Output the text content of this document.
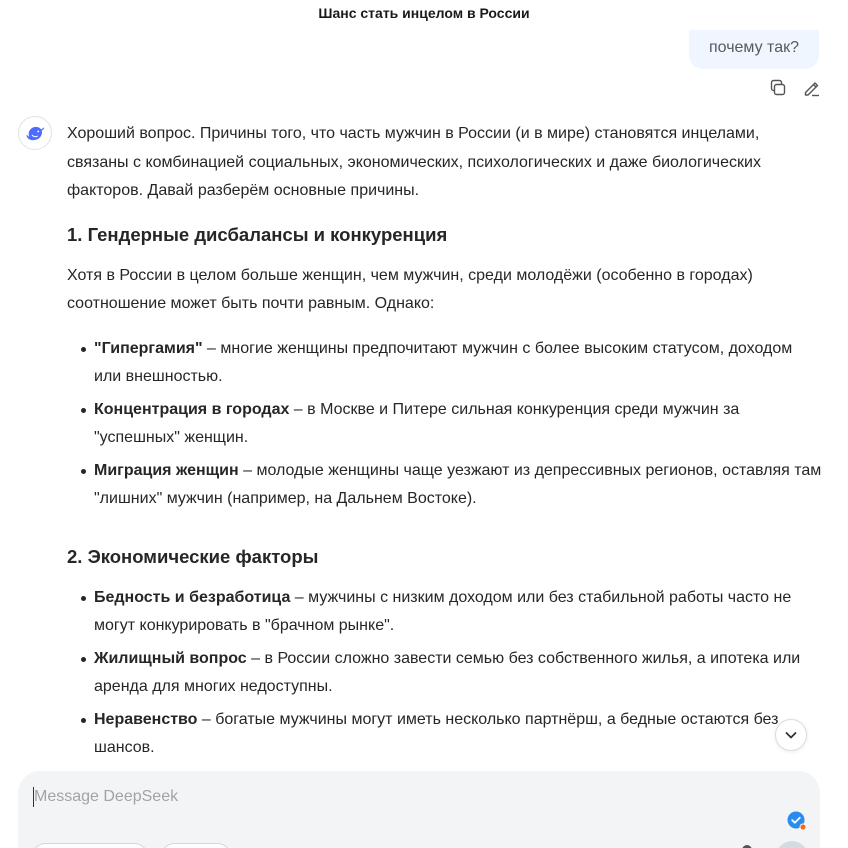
Шанс стать инцелом в России
почему так?

Хороший вопрос. Причины того, что часть мужчин в России (и в мире) становятся инцелами, связаны с комбинацией социальных, экономических, психологических и даже биологических факторов. Давай разберём основные причины.

1. Гендерные дисбалансы и конкуренция

Хотя в России в целом больше женщин, чем мужчин, среди молодёжи (особенно в городах) соотношение может быть почти равным. Однако:

"Гипергамия" – многие женщины предпочитают мужчин с более высоким статусом, доходом или внешностью.
Концентрация в городах – в Москве и Питере сильная конкуренция среди мужчин за "успешных" женщин.
Миграция женщин – молодые женщины чаще уезжают из депрессивных регионов, оставляя там "лишних" мужчин (например, на Дальнем Востоке).
2. Экономические факторы
Бедность и безработица – мужчины с низким доходом или без стабильной работы часто не могут конкурировать в "брачном рынке".
Жилищный вопрос – в России сложно завести семью без собственного жилья, а ипотека или аренда для многих недоступны.
Неравенство – богатые мужчины могут иметь несколько партнёрш, а бедные остаются без шансов.
Message DeepSeek
